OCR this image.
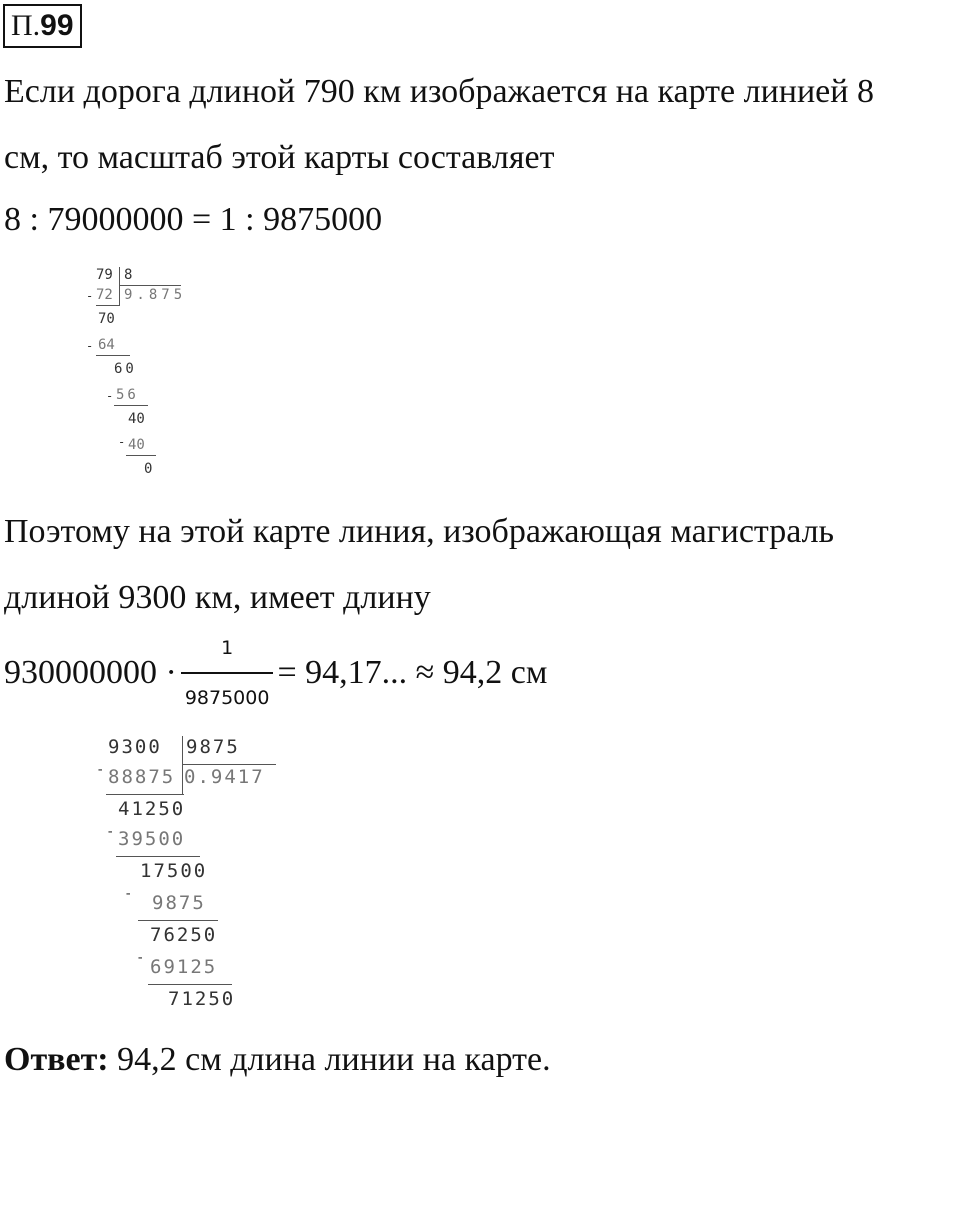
П.99
Если дорога длиной 790 км изображается на карте линией 8
см, то масштаб этой карты составляет
8 : 79000000 = 1 : 9875000

79

8

-

72

9.875

70

-

64

60

-

56

40

-

40

0

Поэтому на этой карте линия, изображающая магистраль
длиной 9300 км, имеет длину
$930000000 \cdot \frac{1}{9875000} = 94,17$... ≈ 94,2 см

9300

9875

-

88875

0.9417

41250

-

39500

17500

-

9875

76250

-

69125

71250

Ответ: 94,2 см длина линии на карте.
